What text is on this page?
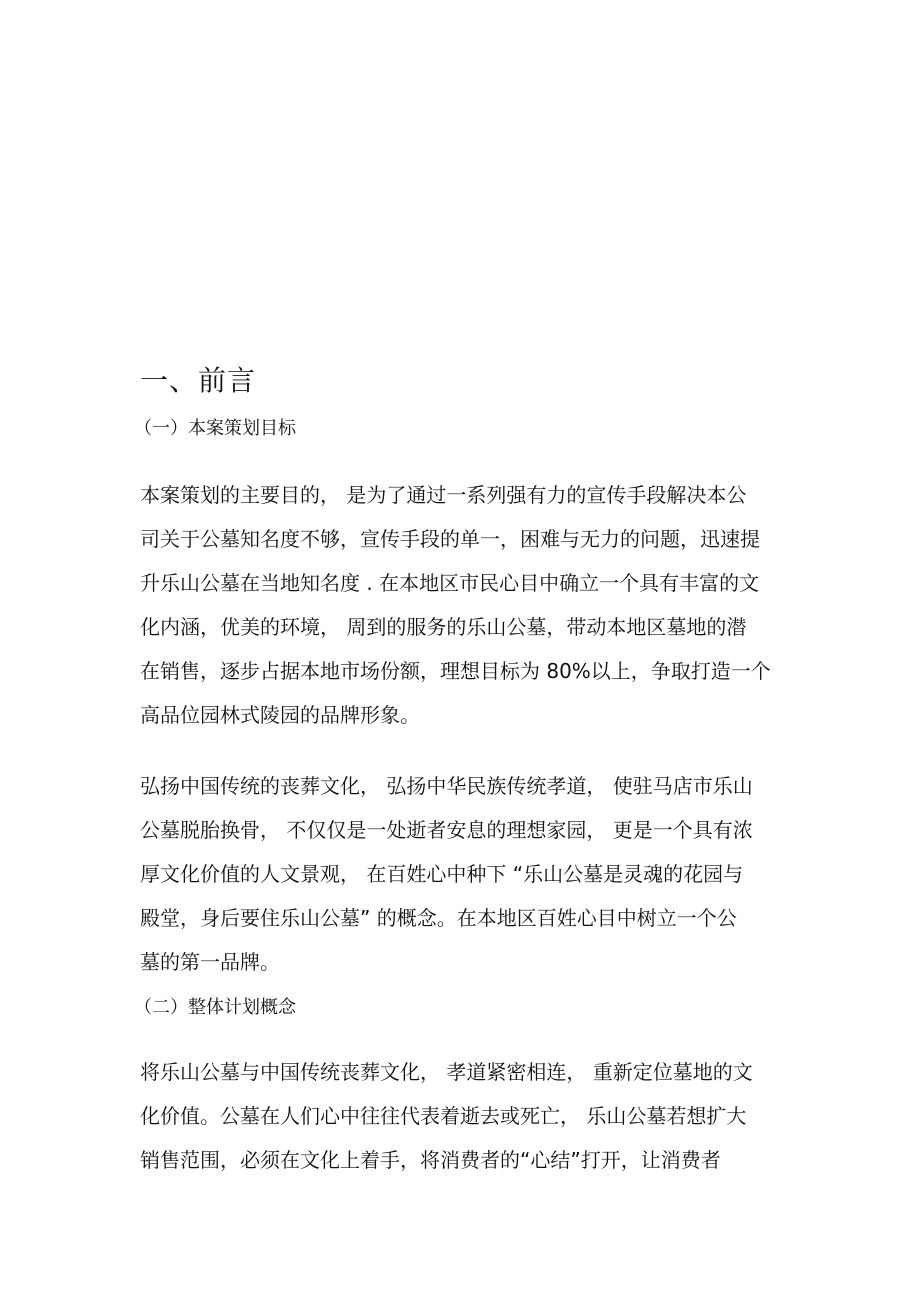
一、前言
（一）本案策划目标
本案策划的主要目的， 是为了通过一系列强有力的宣传手段解决本公
司关于公墓知名度不够，宣传手段的单一，困难与无力的问题，迅速提
升乐山公墓在当地知名度 . 在本地区市民心目中确立一个具有丰富的文
化内涵，优美的环境， 周到的服务的乐山公墓，带动本地区墓地的潜
在销售，逐步占据本地市场份额，理想目标为 80%以上，争取打造一个
高品位园林式陵园的品牌形象。
弘扬中国传统的丧葬文化， 弘扬中华民族传统孝道， 使驻马店市乐山
公墓脱胎换骨， 不仅仅是一处逝者安息的理想家园， 更是一个具有浓
厚文化价值的人文景观， 在百姓心中种下 “乐山公墓是灵魂的花园与
殿堂，身后要住乐山公墓” 的概念。在本地区百姓心目中树立一个公
墓的第一品牌。
（二）整体计划概念
将乐山公墓与中国传统丧葬文化， 孝道紧密相连， 重新定位墓地的文
化价值。公墓在人们心中往往代表着逝去或死亡， 乐山公墓若想扩大
销售范围，必须在文化上着手，将消费者的“心结”打开，让消费者
